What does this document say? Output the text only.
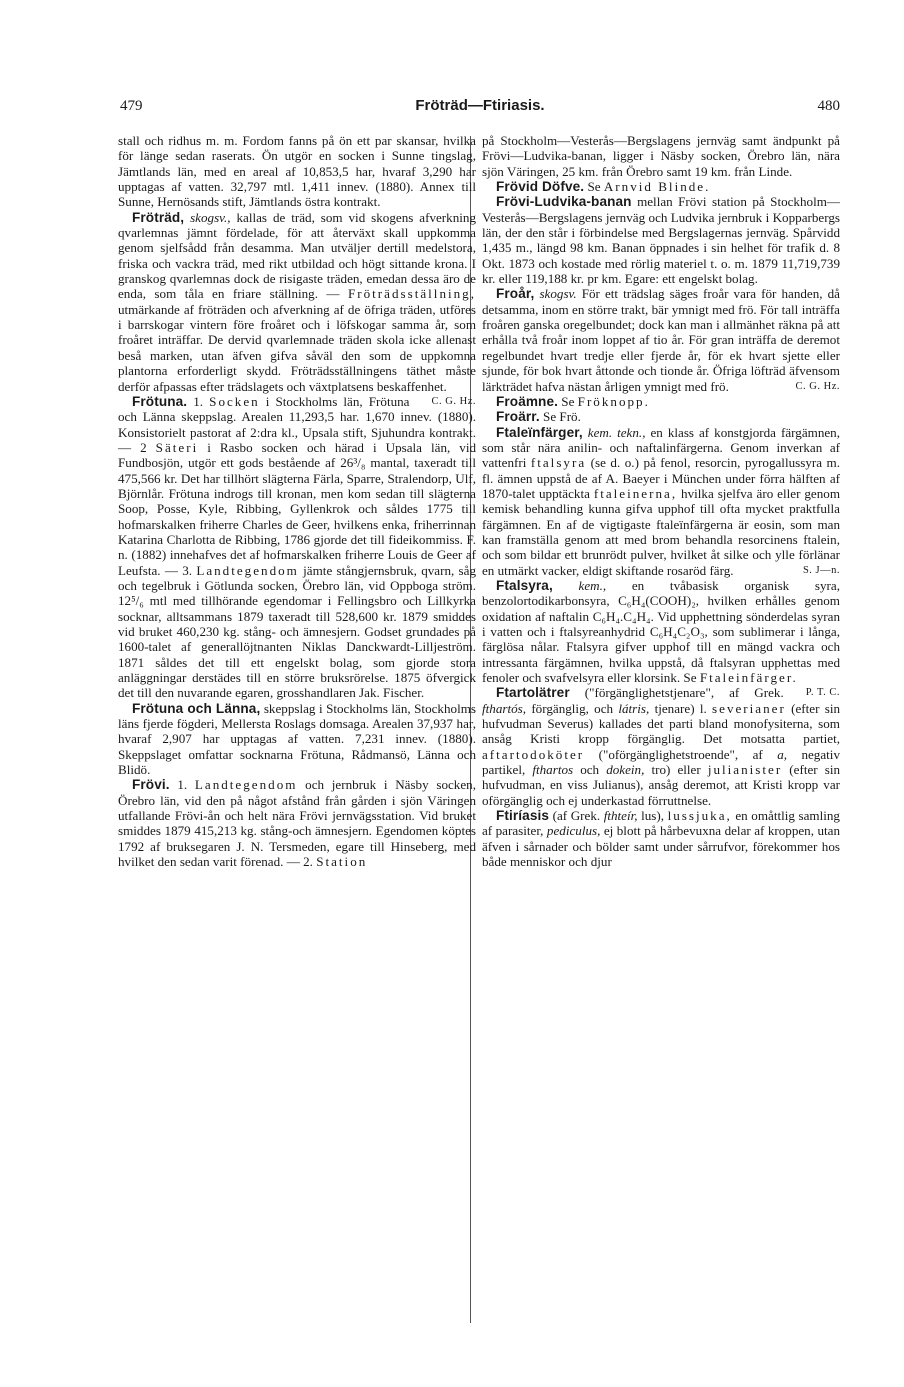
479	Fröträd—Ftiriasis.	480

stall och ridhus m. m. Fordom fanns på ön ett par skansar, hvilka för länge sedan raserats. Ön utgör en socken i Sunne tingslag, Jämtlands län, med en areal af 10,853,5 har, hvaraf 3,290 har upptagas af vatten. 32,797 mtl. 1,411 innev. (1880). Annex till Sunne, Hernösands stift, Jämtlands östra kontrakt.

Fröträd, skogsv., kallas de träd, som vid skogens afverkning qvarlemnas jämnt fördelade, för att återväxt skall uppkomma genom sjelfsådd från desamma. Man utväljer dertill medelstora, friska och vackra träd, med rikt utbildad och högt sittande krona. I granskog qvarlemnas dock de risigaste träden, emedan dessa äro de enda, som tåla en friare ställning. — Fröträdsställning, utmärkande af fröträden och afverkning af de öfriga träden, utföres i barrskogar vintern före froåret och i löfskogar samma år, som froåret inträffar. De dervid qvarlemnade träden skola icke allenast beså marken, utan äfven gifva såväl den som de uppkomna plantorna erforderligt skydd. Fröträdsställningens täthet måste derför afpassas efter trädslagets och växtplatsens beskaffenhet.
C. G. Hz.

Frötuna. 1. Socken i Stockholms län, Frötuna och Länna skeppslag. Arealen 11,293,5 har. 1,670 innev. (1880). Konsistorielt pastorat af 2:dra kl., Upsala stift, Sjuhundra kontrakt. — 2 Säteri i Rasbo socken och härad i Upsala län, vid Fundbosjön, utgör ett gods bestående af 26³/₈ mantal, taxeradt till 475,566 kr. Det har tillhört slägterna Färla, Sparre, Stralendorp, Ulf, Björnlår. Frötuna indrogs till kronan, men kom sedan till slägterna Soop, Posse, Kyle, Ribbing, Gyllenkrok och såldes 1775 till hofmarskalken friherre Charles de Geer, hvilkens enka, friherrinnan Katarina Charlotta de Ribbing, 1786 gjorde det till fideikommiss. F. n. (1882) innehafves det af hofmarskalken friherre Louis de Geer af Leufsta. — 3. Landtegendom jämte stångjernsbruk, qvarn, såg och tegelbruk i Götlunda socken, Örebro län, vid Oppboga ström. 12⁵/₆ mtl med tillhörande egendomar i Fellingsbro och Lillkyrka socknar, alltsammans 1879 taxeradt till 528,600 kr. 1879 smiddes vid bruket 460,230 kg. stång- och ämnesjern. Godset grundades på 1600-talet af generallöjtnanten Niklas Danckwardt-Lilljeström. 1871 såldes det till ett engelskt bolag, som gjorde stora anläggningar derstädes till en större bruksrörelse. 1875 öfvergick det till den nuvarande egaren, grosshandlaren Jak. Fischer.

Frötuna och Länna, skeppslag i Stockholms län, Stockholms läns fjerde fögderi, Mellersta Roslags domsaga. Arealen 37,937 har, hvaraf 2,907 har upptagas af vatten. 7,231 innev. (1880). Skeppslaget omfattar socknarna Frötuna, Rådmansö, Länna och Blidö.

Frövi. 1. Landtegendom och jernbruk i Näsby socken, Örebro län, vid den på något afstånd från gården i sjön Väringen utfallande Frövi-ån och helt nära Frövi jernvägsstation. Vid bruket smiddes 1879 415,213 kg. stång-och ämnesjern. Egendomen köptes 1792 af bruksegaren J. N. Tersmeden, egare till Hinseberg, med hvilket den sedan varit förenad. — 2. Station

på Stockholm—Vesterås—Bergslagens jernväg samt ändpunkt på Frövi—Ludvika-banan, ligger i Näsby socken, Örebro län, nära sjön Väringen, 25 km. från Örebro samt 19 km. från Linde.

Frövid Döfve. Se Arnvid Blinde.

Frövi-Ludvika-banan mellan Frövi station på Stockholm—Vesterås—Bergslagens jernväg och Ludvika jernbruk i Kopparbergs län, der den står i förbindelse med Bergslagernas jernväg. Spårvidd 1,435 m., längd 98 km. Banan öppnades i sin helhet för trafik d. 8 Okt. 1873 och kostade med rörlig materiel t. o. m. 1879 11,719,739 kr. eller 119,188 kr. pr km. Egare: ett engelskt bolag.

Froår, skogsv. För ett trädslag säges froår vara för handen, då detsamma, inom en större trakt, bär ymnigt med frö. För tall inträffa froåren ganska oregelbundet; dock kan man i allmänhet räkna på att erhålla två froår inom loppet af tio år. För gran inträffa de deremot regelbundet hvart tredje eller fjerde år, för ek hvart sjette eller sjunde, för bok hvart åttonde och tionde år. Öfriga löfträd äfvensom lärkträdet hafva nästan årligen ymnigt med frö.	C. G. Hz.

Froämne. Se Fröknopp.

Froärr. Se Frö.

Ftaleïnfärger, kem. tekn., en klass af konstgjorda färgämnen, som står nära anilin- och naftalinfärgerna. Genom inverkan af vattenfri ftalsyra (se d. o.) på fenol, resorcin, pyrogallussyra m. fl. ämnen uppstå de af A. Baeyer i München under förra hälften af 1870-talet upptäckta ftaleinerna, hvilka sjelfva äro eller genom kemisk behandling kunna gifva upphof till ofta mycket praktfulla färgämnen. En af de vigtigaste ftaleïnfärgerna är eosin, som man kan framställa genom att med brom behandla resorcinens ftalein, och som bildar ett brunrödt pulver, hvilket åt silke och ylle förlänar en utmärkt vacker, eldigt skiftande rosaröd färg.	S. J—n.

Ftalsyra, kem., en tvåbasisk organisk syra, benzolortodikarbonsyra, C₆H₄(COOH)₂, hvilken erhålles genom oxidation af naftalin C₆H₄.C₄H₄. Vid upphettning sönderdelas syran i vatten och i ftalsyreanhydrid C₆H₄C₂O₃, som sublimerar i långa, färglösa nålar. Ftalsyra gifver upphof till en mängd vackra och intressanta färgämnen, hvilka uppstå, då ftalsyran upphettas med fenoler och svafvelsyra eller klorsink. Se Ftaleinfärger.
P. T. C.

Ftartolätrer ("förgänglighetstjenare", af Grek. fthartós, förgänglig, och látris, tjenare) l. severianer (efter sin hufvudman Severus) kallades det parti bland monofysiterna, som ansåg Kristi kropp förgänglig. Det motsatta partiet, aftartodoköter ("oförgänglighetstroende", af a, negativ partikel, fthartos och dokein, tro) eller julianister (efter sin hufvudman, en viss Julianus), ansåg deremot, att Kristi kropp var oförgänglig och ej underkastad förruttnelse.

Ftiríasis (af Grek. fthteír, lus), lussjuka, en omåttlig samling af parasiter, pediculus, ej blott på hårbevuxna delar af kroppen, utan äfven i sårnader och bölder samt under sårrufvor, förekommer hos både menniskor och djur
